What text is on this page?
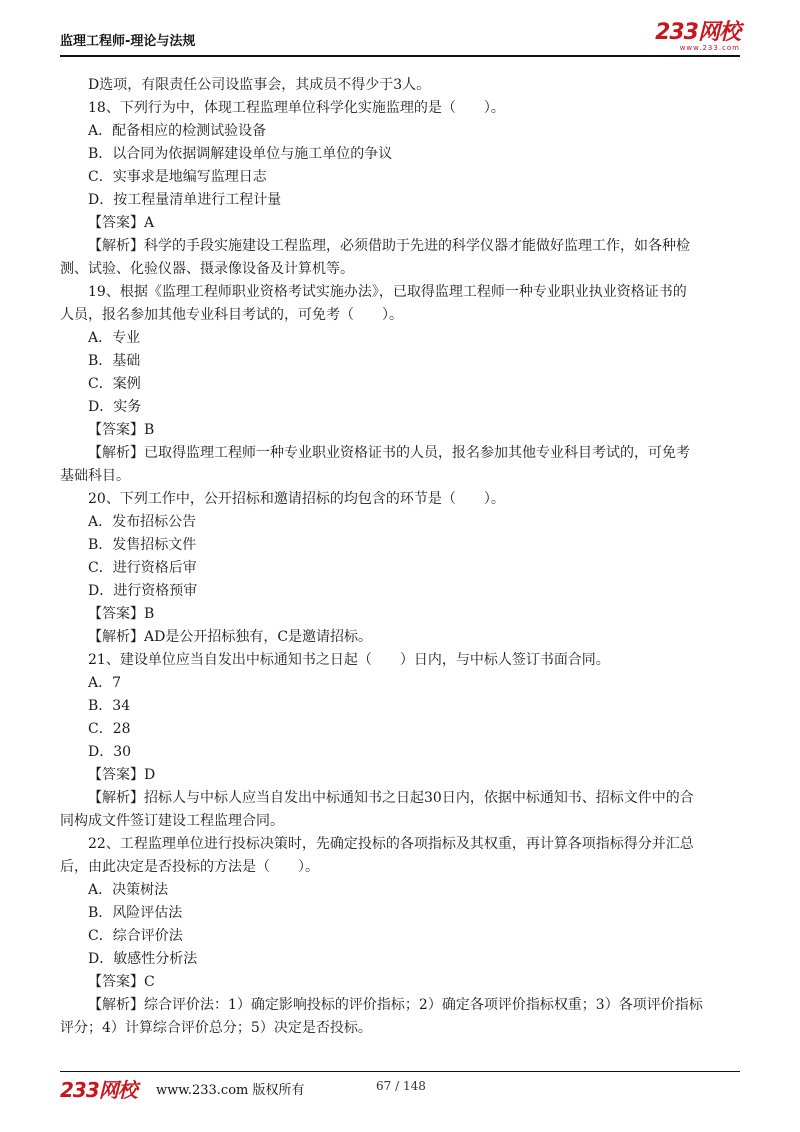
监理工程师-理论与法规	233网校
www.233.com
D选项，有限责任公司设监事会，其成员不得少于3人。
18、下列行为中，体现工程监理单位科学化实施监理的是（　　）。
A．配备相应的检测试验设备
B．以合同为依据调解建设单位与施工单位的争议
C．实事求是地编写监理日志
D．按工程量清单进行工程计量
【答案】A
【解析】科学的手段实施建设工程监理，必须借助于先进的科学仪器才能做好监理工作，如各种检
测、试验、化验仪器、摄录像设备及计算机等。
19、根据《监理工程师职业资格考试实施办法》，已取得监理工程师一种专业职业执业资格证书的
人员，报名参加其他专业科目考试的，可免考（　　）。
A．专业
B．基础
C．案例
D．实务
【答案】B
【解析】已取得监理工程师一种专业职业资格证书的人员，报名参加其他专业科目考试的，可免考
基础科目。
20、下列工作中，公开招标和邀请招标的均包含的环节是（　　）。
A．发布招标公告
B．发售招标文件
C．进行资格后审
D．进行资格预审
【答案】B
【解析】AD是公开招标独有，C是邀请招标。
21、建设单位应当自发出中标通知书之日起（　　）日内，与中标人签订书面合同。
A．7
B．34
C．28
D．30
【答案】D
【解析】招标人与中标人应当自发出中标通知书之日起30日内，依据中标通知书、招标文件中的合
同构成文件签订建设工程监理合同。
22、工程监理单位进行投标决策时，先确定投标的各项指标及其权重，再计算各项指标得分并汇总
后，由此决定是否投标的方法是（　　）。
A．决策树法
B．风险评估法
C．综合评价法
D．敏感性分析法
【答案】C
【解析】综合评价法：1）确定影响投标的评价指标；2）确定各项评价指标权重；3）各项评价指标
评分；4）计算综合评价总分；5）决定是否投标。
233网校 www.233.com 版权所有	67 / 148
